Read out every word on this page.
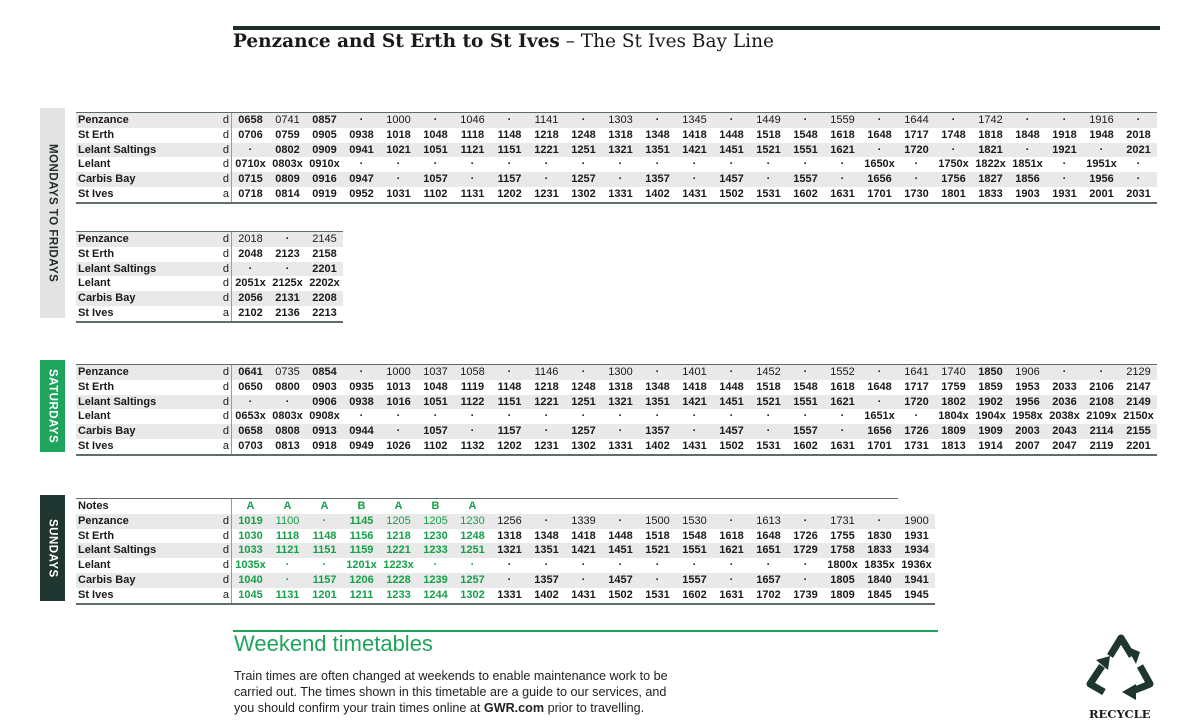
Penzance and St Erth to St Ives – The St Ives Bay Line
MONDAYS TO FRIDAYS
SATURDAYS
SUNDAYS
Penzance	d	0658	0741	0857	·	1000	·	1046	·	1141	·	1303	·	1345	·	1449	·	1559	·	1644	·	1742	·	·	1916	·
St Erth	d	0706	0759	0905	0938	1018	1048	1118	1148	1218	1248	1318	1348	1418	1448	1518	1548	1618	1648	1717	1748	1818	1848	1918	1948	2018
Lelant Saltings	d	·	0802	0909	0941	1021	1051	1121	1151	1221	1251	1321	1351	1421	1451	1521	1551	1621	·	1720	·	1821	·	1921	·	2021
Lelant	d	0710x	0803x	0910x	·	·	·	·	·	·	·	·	·	·	·	·	·	·	1650x	·	1750x	1822x	1851x	·	1951x	·
Carbis Bay	d	0715	0809	0916	0947	·	1057	·	1157	·	1257	·	1357	·	1457	·	1557	·	1656	·	1756	1827	1856	·	1956	·
St Ives	a	0718	0814	0919	0952	1031	1102	1131	1202	1231	1302	1331	1402	1431	1502	1531	1602	1631	1701	1730	1801	1833	1903	1931	2001	2031
Penzance	d	2018	·	2145
St Erth	d	2048	2123	2158
Lelant Saltings	d	·	·	2201
Lelant	d	2051x	2125x	2202x
Carbis Bay	d	2056	2131	2208
St Ives	a	2102	2136	2213
Penzance	d	0641	0735	0854	·	1000	1037	1058	·	1146	·	1300	·	1401	·	1452	·	1552	·	1641	1740	1850	1906	·	·	2129
St Erth	d	0650	0800	0903	0935	1013	1048	1119	1148	1218	1248	1318	1348	1418	1448	1518	1548	1618	1648	1717	1759	1859	1953	2033	2106	2147
Lelant Saltings	d	·	·	0906	0938	1016	1051	1122	1151	1221	1251	1321	1351	1421	1451	1521	1551	1621	·	1720	1802	1902	1956	2036	2108	2149
Lelant	d	0653x	0803x	0908x	·	·	·	·	·	·	·	·	·	·	·	·	·	·	1651x	·	1804x	1904x	1958x	2038x	2109x	2150x
Carbis Bay	d	0658	0808	0913	0944	·	1057	·	1157	·	1257	·	1357	·	1457	·	1557	·	1656	1726	1809	1909	2003	2043	2114	2155
St Ives	a	0703	0813	0918	0949	1026	1102	1132	1202	1231	1302	1331	1402	1431	1502	1531	1602	1631	1701	1731	1813	1914	2007	2047	2119	2201
Notes		A	A	A	B	A	B	A												
Penzance	d	1019	1100	·	1145	1205	1205	1230	1256	·	1339	·	1500	1530	·	1613	·	1731	·	1900
St Erth	d	1030	1118	1148	1156	1218	1230	1248	1318	1348	1418	1448	1518	1548	1618	1648	1726	1755	1830	1931
Lelant Saltings	d	1033	1121	1151	1159	1221	1233	1251	1321	1351	1421	1451	1521	1551	1621	1651	1729	1758	1833	1934
Lelant	d	1035x	·	·	1201x	1223x	·	·	·	·	·	·	·	·	·	·	·	1800x	1835x	1936x
Carbis Bay	d	1040	·	1157	1206	1228	1239	1257	·	1357	·	1457	·	1557	·	1657	·	1805	1840	1941
St Ives	a	1045	1131	1201	1211	1233	1244	1302	1331	1402	1431	1502	1531	1602	1631	1702	1739	1809	1845	1945
Weekend timetables
Train times are often changed at weekends to enable maintenance work to be
carried out. The times shown in this timetable are a guide to our services, and
you should confirm your train times online at GWR.com prior to travelling.	RECYCLE
